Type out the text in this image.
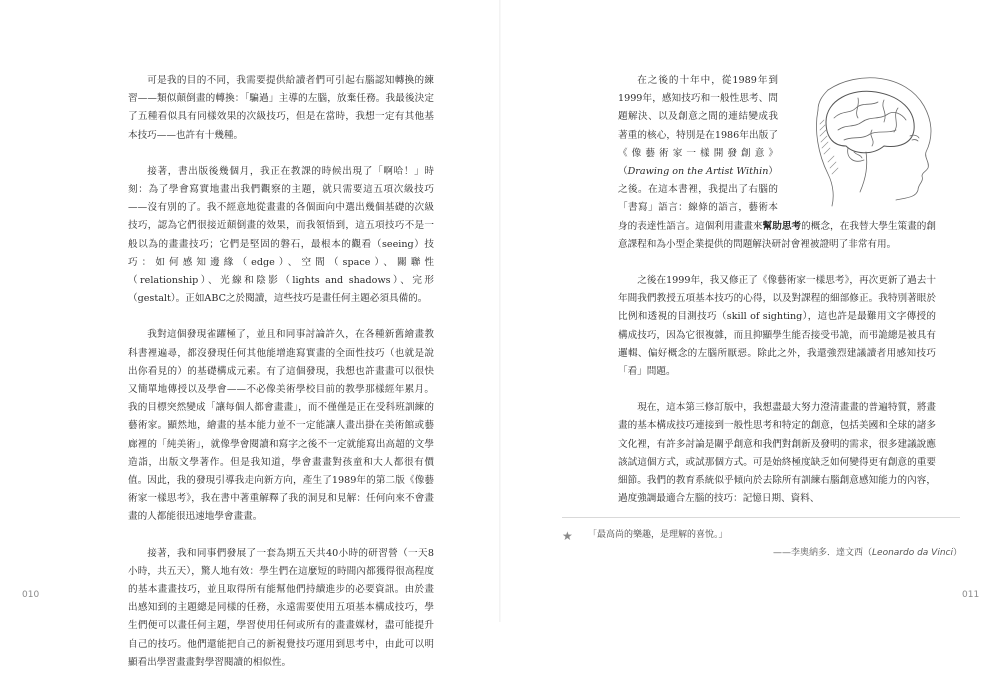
可是我的目的不同，我需要提供給讀者們可引起右腦認知轉換的練習——類似顛倒畫的轉換：「騙過」主導的左腦，放棄任務。我最後決定了五種看似具有同樣效果的次級技巧，但是在當時，我想一定有其他基本技巧——也許有十幾種。

接著，書出版後幾個月，我正在教課的時候出現了「啊哈！」時刻：為了學會寫實地畫出我們觀察的主題，就只需要這五項次級技巧——沒有別的了。我不經意地從畫畫的各個面向中選出幾個基礎的次級技巧，認為它們很接近顛倒畫的效果，而我領悟到，這五項技巧不是一般以為的畫畫技巧；它們是堅固的磐石，最根本的觀看（seeing）技巧：如何感知邊緣（edge）、空間（space）、關聯性（relationship）、光線和陰影（lights and shadows）、完形（gestalt）。正如ABC之於閱讀，這些技巧是畫任何主題必須具備的。

我對這個發現雀躍極了，並且和同事討論許久，在各種新舊繪畫教科書裡遍尋，都沒發現任何其他能增進寫實畫的全面性技巧（也就是說出你看見的）的基礎構成元素。有了這個發現，我想也許畫畫可以很快又簡單地傳授以及學會——不必像美術學校目前的教學那樣經年累月。我的目標突然變成「讓每個人都會畫畫」，而不僅僅是正在受科班訓練的藝術家。顯然地，繪畫的基本能力並不一定能讓人畫出掛在美術館或藝廊裡的「純美術」，就像學會閱讀和寫字之後不一定就能寫出高超的文學造詣，出版文學著作。但是我知道，學會畫畫對孩童和大人都很有價值。因此，我的發現引導我走向新方向，產生了1989年的第二版《像藝術家一樣思考》，我在書中著重解釋了我的洞見和見解：任何向來不會畫畫的人都能很迅速地學會畫畫。

接著，我和同事們發展了一套為期五天共40小時的研習營（一天8小時，共五天），驚人地有效：學生們在這麼短的時間內都獲得很高程度的基本畫畫技巧，並且取得所有能幫他們持續進步的必要資訊。由於畫出感知到的主題總是同樣的任務，永遠需要使用五項基本構成技巧，學生們便可以畫任何主題，學習使用任何或所有的畫畫媒材，盡可能提升自己的技巧。他們還能把自己的新視覺技巧運用到思考中，由此可以明顯看出學習畫畫對學習閱讀的相似性。

010	011

在之後的十年中，從1989年到1999年，感知技巧和一般性思考、問題解決、以及創意之間的連結變成我著重的核心，特別是在1986年出版了《像藝術家一樣開發創意》（Drawing on the Artist Within）之後。在這本書裡，我提出了右腦的「書寫」語言：線條的語言，藝術本身的表達性語言。這個利用畫畫來幫助思考的概念，在我替大學生策畫的創意課程和為小型企業提供的問題解決研討會裡被證明了非常有用。

之後在1999年，我又修正了《像藝術家一樣思考》，再次更新了過去十年間我們教授五項基本技巧的心得，以及對課程的細部修正。我特別著眼於比例和透視的目測技巧（skill of sighting），這也許是最難用文字傳授的構成技巧，因為它很複雜，而且抑顯學生能否接受弔詭，而弔詭總是被具有邏輯、偏好概念的左腦所厭惡。除此之外，我還強烈建議讀者用感知技巧「看」問題。

現在，這本第三修訂版中，我想盡最大努力澄清畫畫的普遍特質，將畫畫的基本構成技巧連接到一般性思考和特定的創意，包括美國和全球的諸多文化裡，有許多討論是關乎創意和我們對創新及發明的需求，很多建議說應該試這個方式，或試那個方式。可是始終極度缺乏如何變得更有創意的重要細節。我們的教育系統似乎傾向於去除所有訓練右腦創意感知能力的內容，過度強調最適合左腦的技巧：記憶日期、資料、

★ 「最高尚的樂趣，是理解的喜悅。」
——李奧納多．達文西（Leonardo da Vinci）
